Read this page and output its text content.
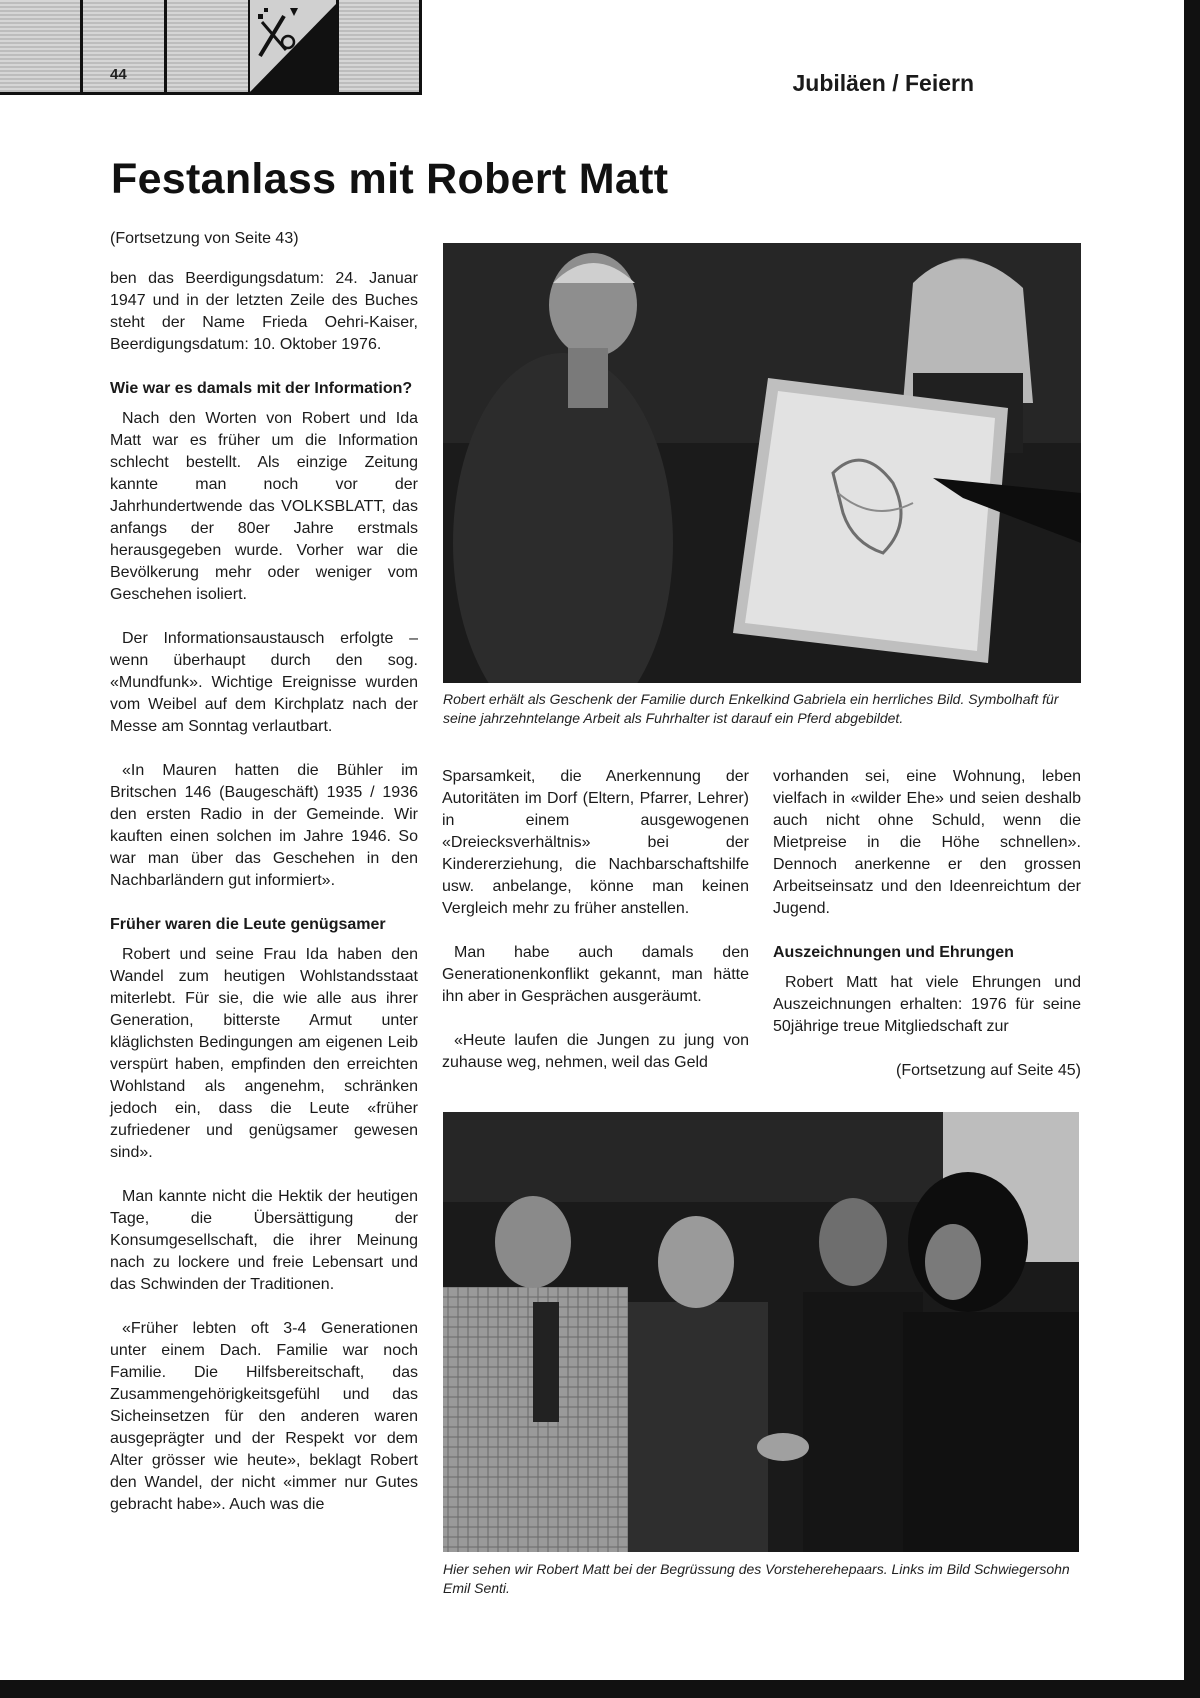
44	Jubiläen / Feiern
Festanlass mit Robert Matt

(Fortsetzung von Seite 43)

ben das Beerdigungsdatum: 24. Januar 1947 und in der letzten Zeile des Buches steht der Name Frieda Oehri-Kaiser, Beerdigungsdatum: 10. Oktober 1976.

Wie war es damals mit der Information?

Nach den Worten von Robert und Ida Matt war es früher um die Information schlecht bestellt. Als einzige Zeitung kannte man noch vor der Jahrhundertwende das VOLKSBLATT, das anfangs der 80er Jahre erstmals herausgegeben wurde. Vorher war die Bevölkerung mehr oder weniger vom Geschehen isoliert.

Der Informationsaustausch erfolgte – wenn überhaupt durch den sog. «Mundfunk». Wichtige Ereignisse wurden vom Weibel auf dem Kirchplatz nach der Messe am Sonntag verlautbart.

«In Mauren hatten die Bühler im Britschen 146 (Baugeschäft) 1935 / 1936 den ersten Radio in der Gemeinde. Wir kauften einen solchen im Jahre 1946. So war man über das Geschehen in den Nachbarländern gut informiert».

Früher waren die Leute genügsamer

Robert und seine Frau Ida haben den Wandel zum heutigen Wohlstandsstaat miterlebt. Für sie, die wie alle aus ihrer Generation, bitterste Armut unter kläglichsten Bedingungen am eigenen Leib verspürt haben, empfinden den erreichten Wohlstand als angenehm, schränken jedoch ein, dass die Leute «früher zufriedener und genügsamer gewesen sind».

Man kannte nicht die Hektik der heutigen Tage, die Übersättigung der Konsumgesellschaft, die ihrer Meinung nach zu lockere und freie Lebensart und das Schwinden der Traditionen.

«Früher lebten oft 3-4 Generationen unter einem Dach. Familie war noch Familie. Die Hilfsbereitschaft, das Zusammengehörigkeitsgefühl und das Sicheinsetzen für den anderen waren ausgeprägter und der Respekt vor dem Alter grösser wie heute», beklagt Robert den Wandel, der nicht «immer nur Gutes gebracht habe». Auch was die

Robert erhält als Geschenk der Familie durch Enkelkind Gabriela ein herrliches Bild. Symbolhaft für seine jahrzehntelange Arbeit als Fuhrhalter ist darauf ein Pferd abgebildet.

Sparsamkeit, die Anerkennung der Autoritäten im Dorf (Eltern, Pfarrer, Lehrer) in einem ausgewogenen «Dreiecksverhältnis» bei der Kindererziehung, die Nachbarschaftshilfe usw. anbelange, könne man keinen Vergleich mehr zu früher anstellen.

Man habe auch damals den Generationenkonflikt gekannt, man hätte ihn aber in Gesprächen ausgeräumt.

«Heute laufen die Jungen zu jung von zuhause weg, nehmen, weil das Geld

vorhanden sei, eine Wohnung, leben vielfach in «wilder Ehe» und seien deshalb auch nicht ohne Schuld, wenn die Mietpreise in die Höhe schnellen». Dennoch anerkenne er den grossen Arbeitseinsatz und den Ideenreichtum der Jugend.

Auszeichnungen und Ehrungen

Robert Matt hat viele Ehrungen und Auszeichnungen erhalten: 1976 für seine 50jährige treue Mitgliedschaft zur

(Fortsetzung auf Seite 45)

Hier sehen wir Robert Matt bei der Begrüssung des Vorsteherehepaars. Links im Bild Schwiegersohn Emil Senti.
